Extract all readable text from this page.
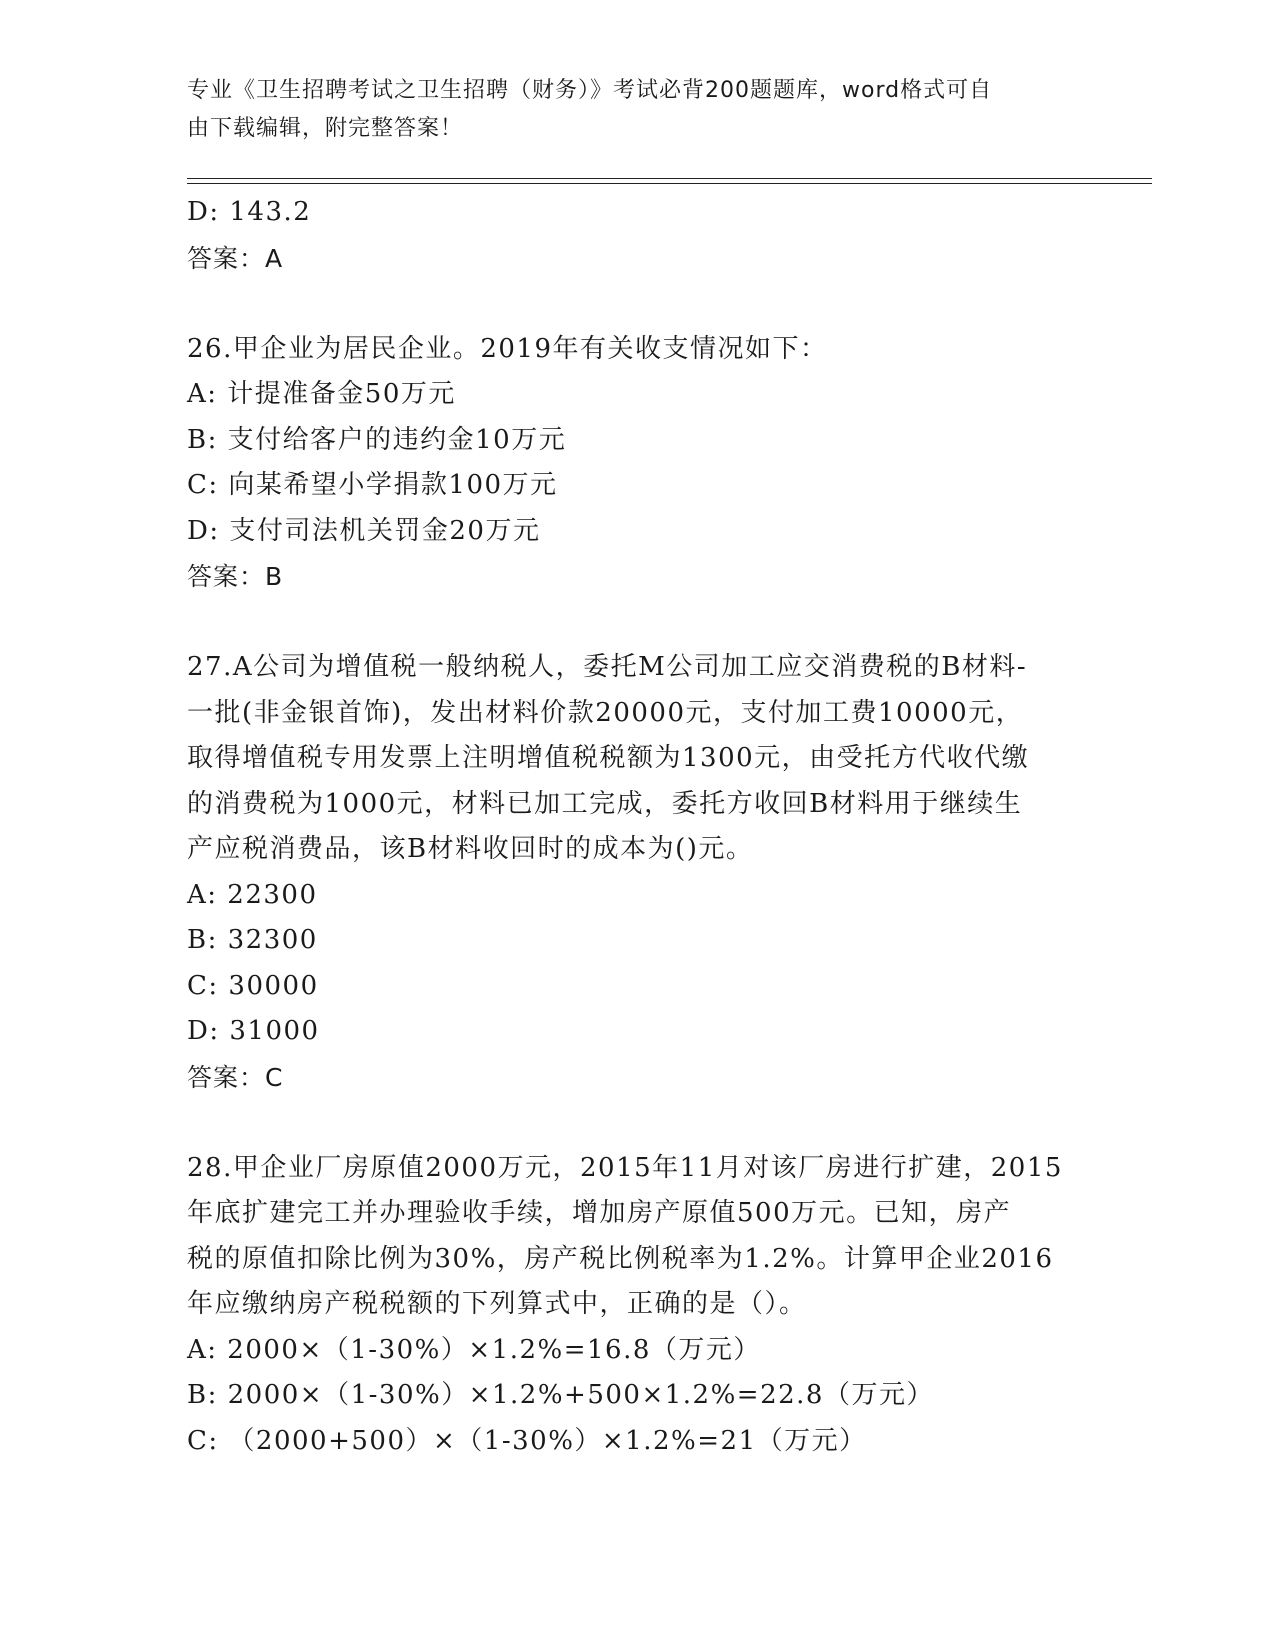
专业《卫生招聘考试之卫生招聘（财务）》考试必背200题题库，word格式可自
由下载编辑，附完整答案！
D: 143.2
答案：A
26.甲企业为居民企业。2019年有关收支情况如下：
A: 计提准备金50万元
B: 支付给客户的违约金10万元
C: 向某希望小学捐款100万元
D: 支付司法机关罚金20万元
答案：B
27.A公司为增值税一般纳税人，委托M公司加工应交消费税的B材料-
一批(非金银首饰)，发出材料价款20000元，支付加工费10000元，
取得增值税专用发票上注明增值税税额为1300元，由受托方代收代缴
的消费税为1000元，材料已加工完成，委托方收回B材料用于继续生
产应税消费品，该B材料收回时的成本为()元。
A: 22300
B: 32300
C: 30000
D: 31000
答案：C
28.甲企业厂房原值2000万元，2015年11月对该厂房进行扩建，2015
年底扩建完工并办理验收手续，增加房产原值500万元。已知，房产
税的原值扣除比例为30%，房产税比例税率为1.2%。计算甲企业2016
年应缴纳房产税税额的下列算式中，正确的是（）。
A: 2000×（1-30%）×1.2%=16.8（万元）
B: 2000×（1-30%）×1.2%+500×1.2%=22.8（万元）
C: （2000+500）×（1-30%）×1.2%=21（万元）
